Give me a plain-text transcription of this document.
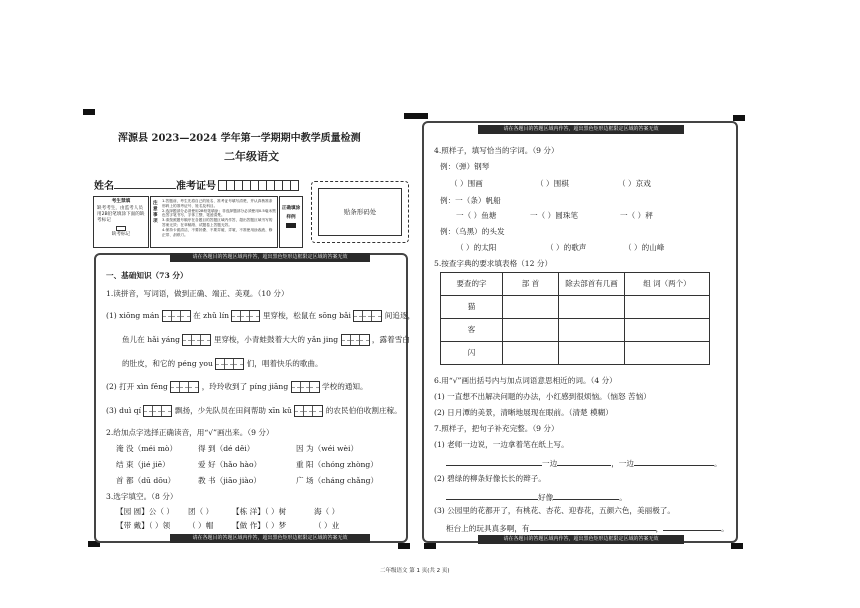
浑源县 2023—2024 学年第一学期期中教学质量检测
二年级语文
姓名	准考证号
考生禁填
缺考考生，由监考人员用2B铅笔填涂下面的缺考标记
缺考标记
注意事项
1.答题前，考生先将自己的姓名、准考证号填写清楚，并认真核准条形码上的准考证号、姓名及科目。
2.选择题部分必须使用2B铅笔填涂；非选择题部分必须使用0.5毫米黑色签字笔书写，字体工整、笔迹清楚。
3.请按照题号顺序在各题目的答题区域内作答，超出答题区域书写的答案无效；在草稿纸、试题卷上答题无效。
4.保持卡面清洁，不要折叠、不要弄破、弄皱，不准使用涂改液、修正带、刮纸刀。
正确填涂
样例
贴条形码处
请在各题目的答题区域内作答，超出黑色矩形边框限定区域的答案无效
请在各题目的答题区域内作答，超出黑色矩形边框限定区域的答案无效
一、基础知识（73 分）
1.读拼音，写词语，做到正确、端正、美观。（10 分）
(1) xiōng mán	在 zhǔ lín	里穿梭，松鼠在 sōng bǎi	间追逐，
鱼儿在 hǎi yáng	里穿梭，小青蛙鼓着大大的 yǎn jing	，露着雪白
的肚皮，和它的 péng you	们，唱着快乐的歌曲。
(2) 打开 xìn fēng	，玲玲收到了 píng jiāng	学校的通知。
(3) duì qí	飘扬，少先队员在田间帮助 xīn kǔ	的农民伯伯收割庄稼。
2.给加点字选择正确读音，用“√”画出来。（9 分）
淹 没（méi mò）	得 到（dé děi）	因 为（wéi wèi）
结 束（jié jiē）	爱 好（hǎo hào）	重 阳（chóng zhòng）
首 都（dū dōu）	教 书（jiāo jiào）	广 场（cháng chǎng）
3.选字填空。（8 分）
【园 圆】公（ ） 团（ ） 【栋 洋】（ ）树	海（ ）
【带 戴】（ ）领 （ ）帽 【做 作】（ ）梦	（ ）业
请在各题目的答题区域内作答，超出黑色矩形边框限定区域的答案无效
请在各题目的答题区域内作答，超出黑色矩形边框限定区域的答案无效
4.照样子，填写恰当的字词。（9 分）
例：（弹）钢琴
（ ）围画	（ ）围棋	（ ）京戏
例：一（条）帆船
一（ ）鱼塘	一（ ）圆珠笔	一（ ）秤
例：（乌黑）的头发
（ ）的太阳	（ ）的歌声	（ ）的山峰
5.按查字典的要求填表格（12 分）
要查的字	部 首	除去部首有几画	组 词（两个）
猫			
客			
闪			
6.用“√”画出括号内与加点词语意思相近的词。（4 分）
(1) 一直想不出解决问题的办法，小红感到很烦恼。（恼怒 苦恼）
(2) 日月潭的美景，清晰地展现在眼前。（清楚 模糊）
7.照样子，把句子补充完整。（9 分）
(1) 老师一边说，一边拿着笔在纸上写。
一边	，一边	。
(2) 碧绿的柳条好像长长的辫子。
好像	。
(3) 公园里的花都开了，有桃花、杏花、迎春花，五颜六色，美丽极了。
柜台上的玩具真多啊，有	，	。
二年级语文 第 1 页(共 2 页)
